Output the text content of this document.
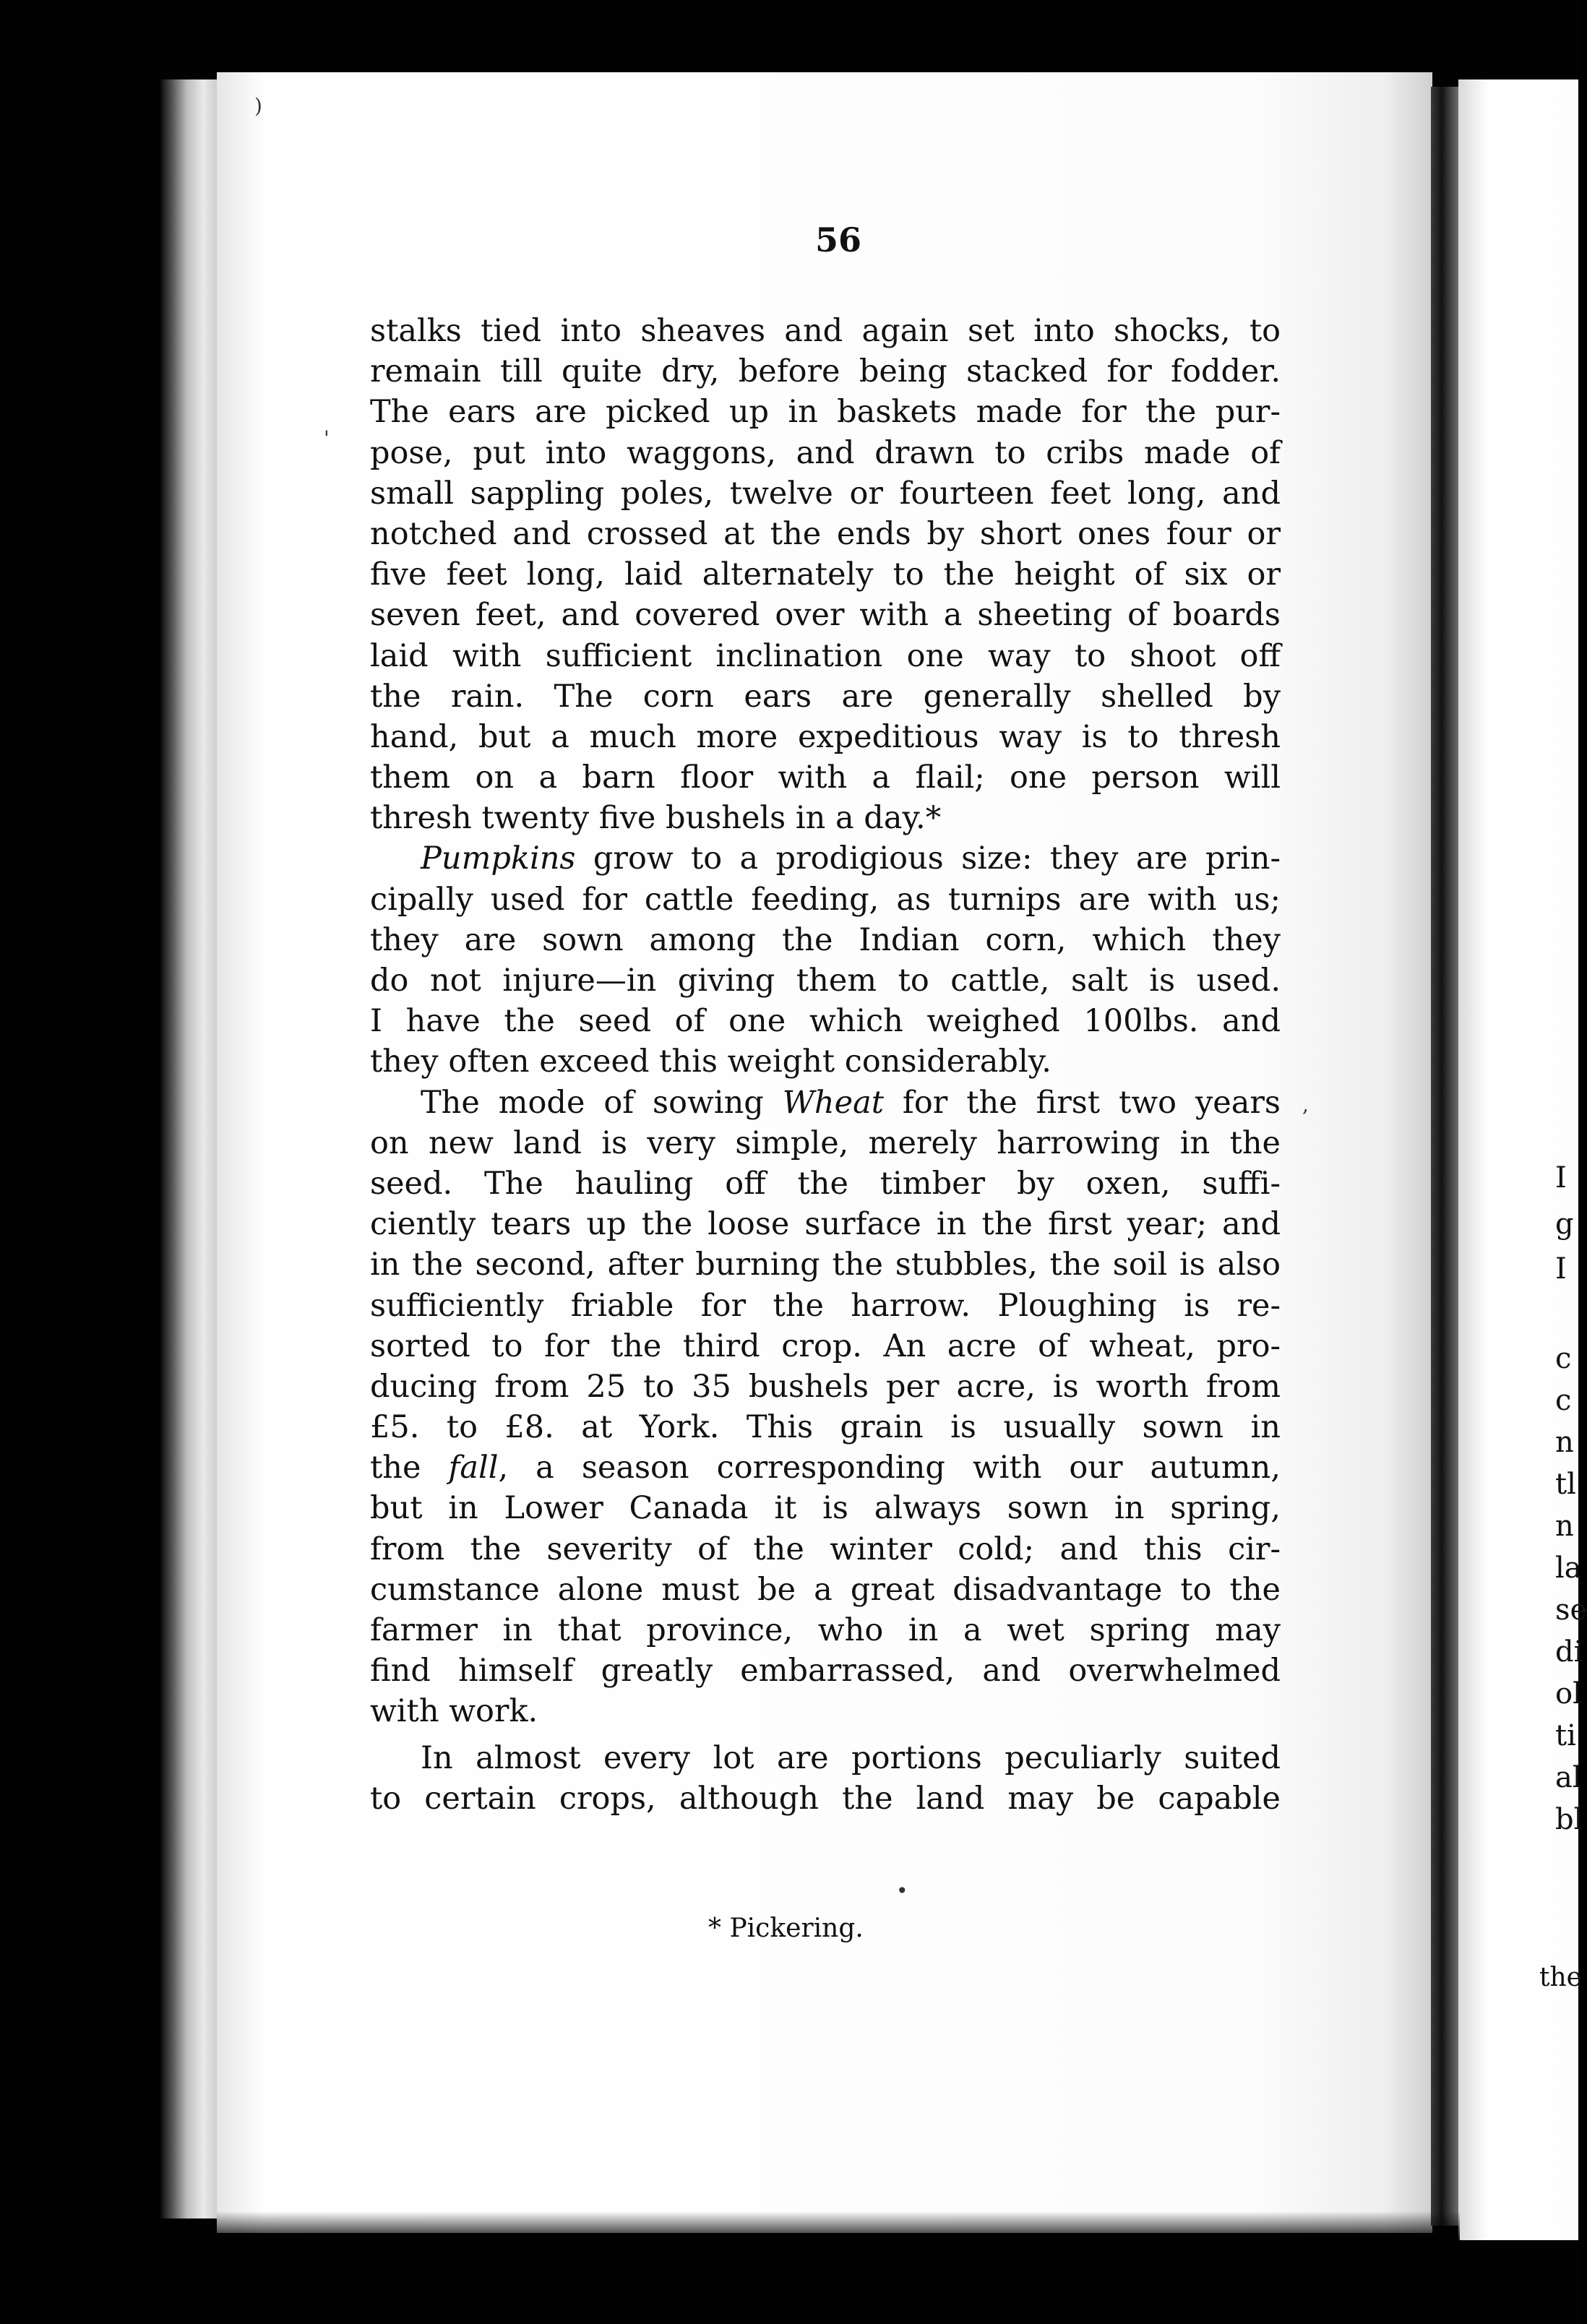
)
'
,
•
56
stalks tied into sheaves and again set into shocks, to
remain till quite dry, before being stacked for fodder.
The ears are picked up in baskets made for the pur-
pose, put into waggons, and drawn to cribs made of
small sappling poles, twelve or fourteen feet long, and
notched and crossed at the ends by short ones four or
five feet long, laid alternately to the height of six or
seven feet, and covered over with a sheeting of boards
laid with sufficient inclination one way to shoot off
the rain. The corn ears are generally shelled by
hand, but a much more expeditious way is to thresh
them on a barn floor with a flail; one person will
thresh twenty five bushels in a day.*
Pumpkins grow to a prodigious size: they are prin-
cipally used for cattle feeding, as turnips are with us;
they are sown among the Indian corn, which they
do not injure—in giving them to cattle, salt is used.
I have the seed of one which weighed 100lbs. and
they often exceed this weight considerably.
The mode of sowing Wheat for the first two years
on new land is very simple, merely harrowing in the
seed. The hauling off the timber by oxen, suffi-
ciently tears up the loose surface in the first year; and
in the second, after burning the stubbles, the soil is also
sufficiently friable for the harrow. Ploughing is re-
sorted to for the third crop. An acre of wheat, pro-
ducing from 25 to 35 bushels per acre, is worth from
£5. to £8. at York. This grain is usually sown in
the fall, a season corresponding with our autumn,
but in Lower Canada it is always sown in spring,
from the severity of the winter cold; and this cir-
cumstance alone must be a great disadvantage to the
farmer in that province, who in a wet spring may
find himself greatly embarrassed, and overwhelmed
with work.
In almost every lot are portions peculiarly suited
to certain crops, although the land may be capable
* Pickering.
I
g
I
c
c
n
tl
n
la
se
di
ol
ti
al
bl
the
